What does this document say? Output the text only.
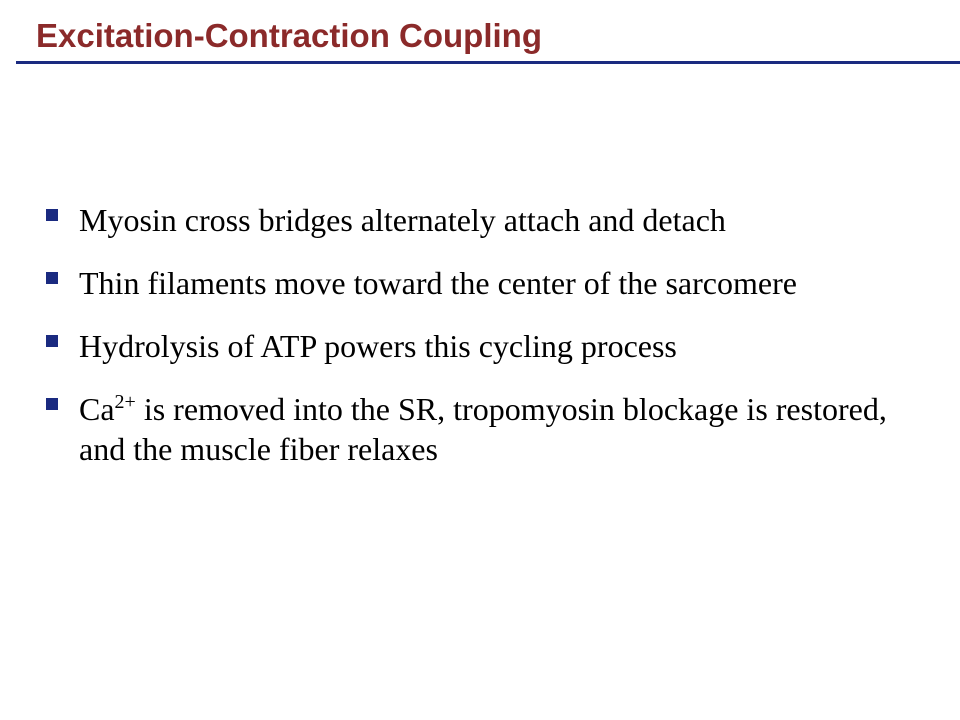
Excitation-Contraction Coupling
Myosin cross bridges alternately attach and detach
Thin filaments move toward the center of the sarcomere
Hydrolysis of ATP powers this cycling process
$Ca^{2+}$ is removed into the SR, tropomyosin blockage is restored, and the muscle fiber relaxes
